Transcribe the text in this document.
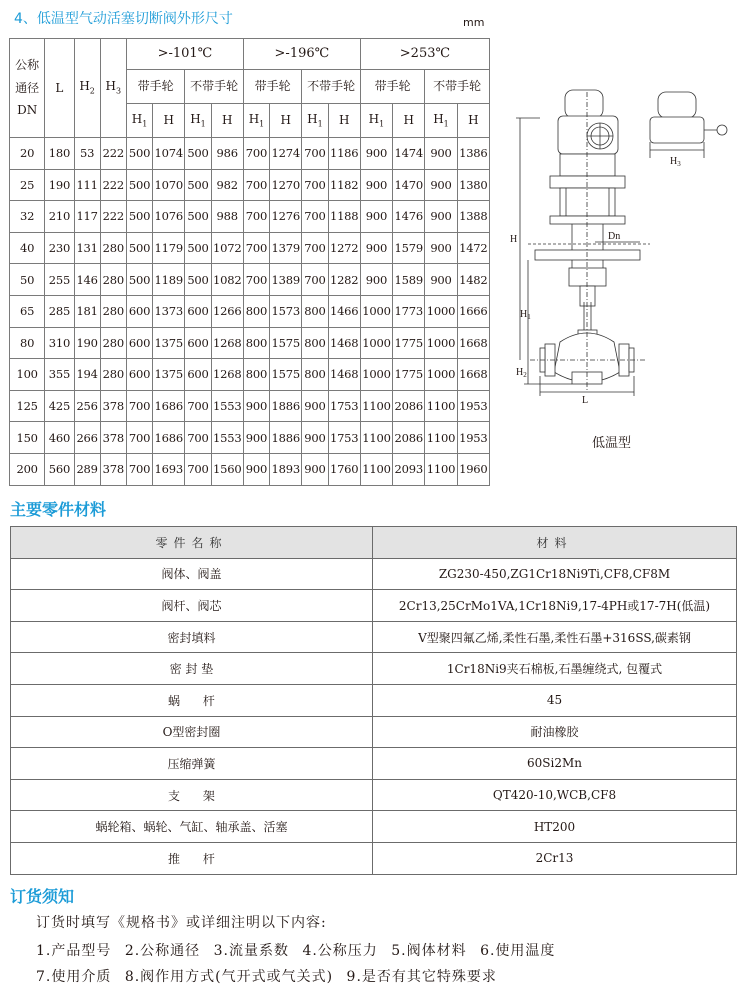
4、低温型气动活塞切断阀外形尺寸	mm
公称
通径
DN	L	$H_2$	$H_3$	>-101℃				>-196℃				>253℃			
				带手轮		不带手轮		带手轮		不带手轮		带手轮		不带手轮	
				$H_1$	H	$H_1$	H	$H_1$	H	$H_1$	H	$H_1$	H	$H_1$	H
20	180	53	222	500	1074	500	986	700	1274	700	1186	900	1474	900	1386
25	190	111	222	500	1070	500	982	700	1270	700	1182	900	1470	900	1380
32	210	117	222	500	1076	500	988	700	1276	700	1188	900	1476	900	1388
40	230	131	280	500	1179	500	1072	700	1379	700	1272	900	1579	900	1472
50	255	146	280	500	1189	500	1082	700	1389	700	1282	900	1589	900	1482
65	285	181	280	600	1373	600	1266	800	1573	800	1466	1000	1773	1000	1666
80	310	190	280	600	1375	600	1268	800	1575	800	1468	1000	1775	1000	1668
100	355	194	280	600	1375	600	1268	800	1575	800	1468	1000	1775	1000	1668
125	425	256	378	700	1686	700	1553	900	1886	900	1753	1100	2086	1100	1953
150	460	266	378	700	1686	700	1553	900	1886	900	1753	1100	2086	1100	1953
200	560	289	378	700	1693	700	1560	900	1893	900	1760	1100	2093	1100	1960
H
$H_1$
$H_2$
$H_3$
Dn
L
低温型
主要零件材料
零件名称	材料
阀体、阀盖	ZG230-450,ZG1Cr18Ni9Ti,CF8,CF8M
阀杆、阀芯	2Cr13,25CrMo1VA,1Cr18Ni9,17-4PH或17-7H(低温)
密封填料	V型聚四氟乙烯,柔性石墨,柔性石墨+316SS,碳素钢
密 封 垫	1Cr18Ni9夹石棉板,石墨缠绕式, 包覆式
蜗      杆	45
O型密封圈	耐油橡胶
压缩弹簧	60Si2Mn
支      架	QT420-10,WCB,CF8
蜗轮箱、蜗轮、气缸、轴承盖、活塞	HT200
推      杆	2Cr13
订货须知
订货时填写《规格书》或详细注明以下内容:
1.产品型号 2.公称通径 3.流量系数 4.公称压力 5.阀体材料 6.使用温度
7.使用介质 8.阀作用方式(气开式或气关式) 9.是否有其它特殊要求
